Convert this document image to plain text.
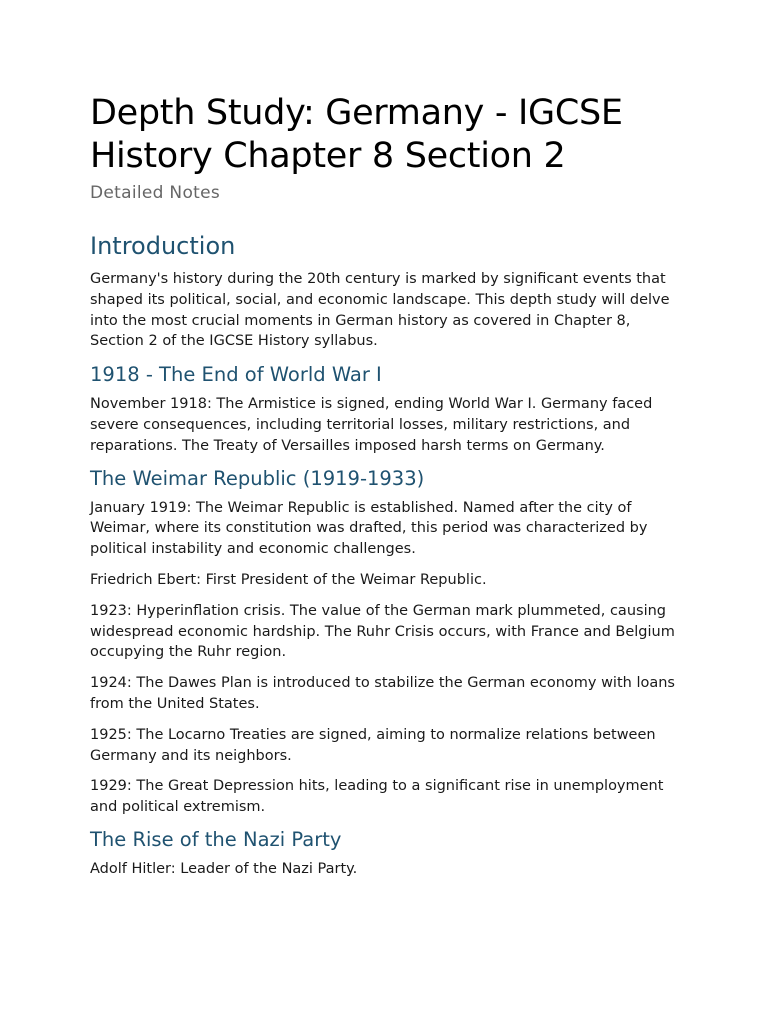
Depth Study: Germany - IGCSE History Chapter 8 Section 2
Detailed Notes
Introduction

Germany's history during the 20th century is marked by significant events that shaped its political, social, and economic landscape. This depth study will delve into the most crucial moments in German history as covered in Chapter 8, Section 2 of the IGCSE History syllabus.

1918 - The End of World War I

November 1918: The Armistice is signed, ending World War I. Germany faced severe consequences, including territorial losses, military restrictions, and reparations. The Treaty of Versailles imposed harsh terms on Germany.

The Weimar Republic (1919-1933)

January 1919: The Weimar Republic is established. Named after the city of Weimar, where its constitution was drafted, this period was characterized by political instability and economic challenges.

Friedrich Ebert: First President of the Weimar Republic.

1923: Hyperinflation crisis. The value of the German mark plummeted, causing widespread economic hardship. The Ruhr Crisis occurs, with France and Belgium occupying the Ruhr region.

1924: The Dawes Plan is introduced to stabilize the German economy with loans from the United States.

1925: The Locarno Treaties are signed, aiming to normalize relations between Germany and its neighbors.

1929: The Great Depression hits, leading to a significant rise in unemployment and political extremism.

The Rise of the Nazi Party

Adolf Hitler: Leader of the Nazi Party.
